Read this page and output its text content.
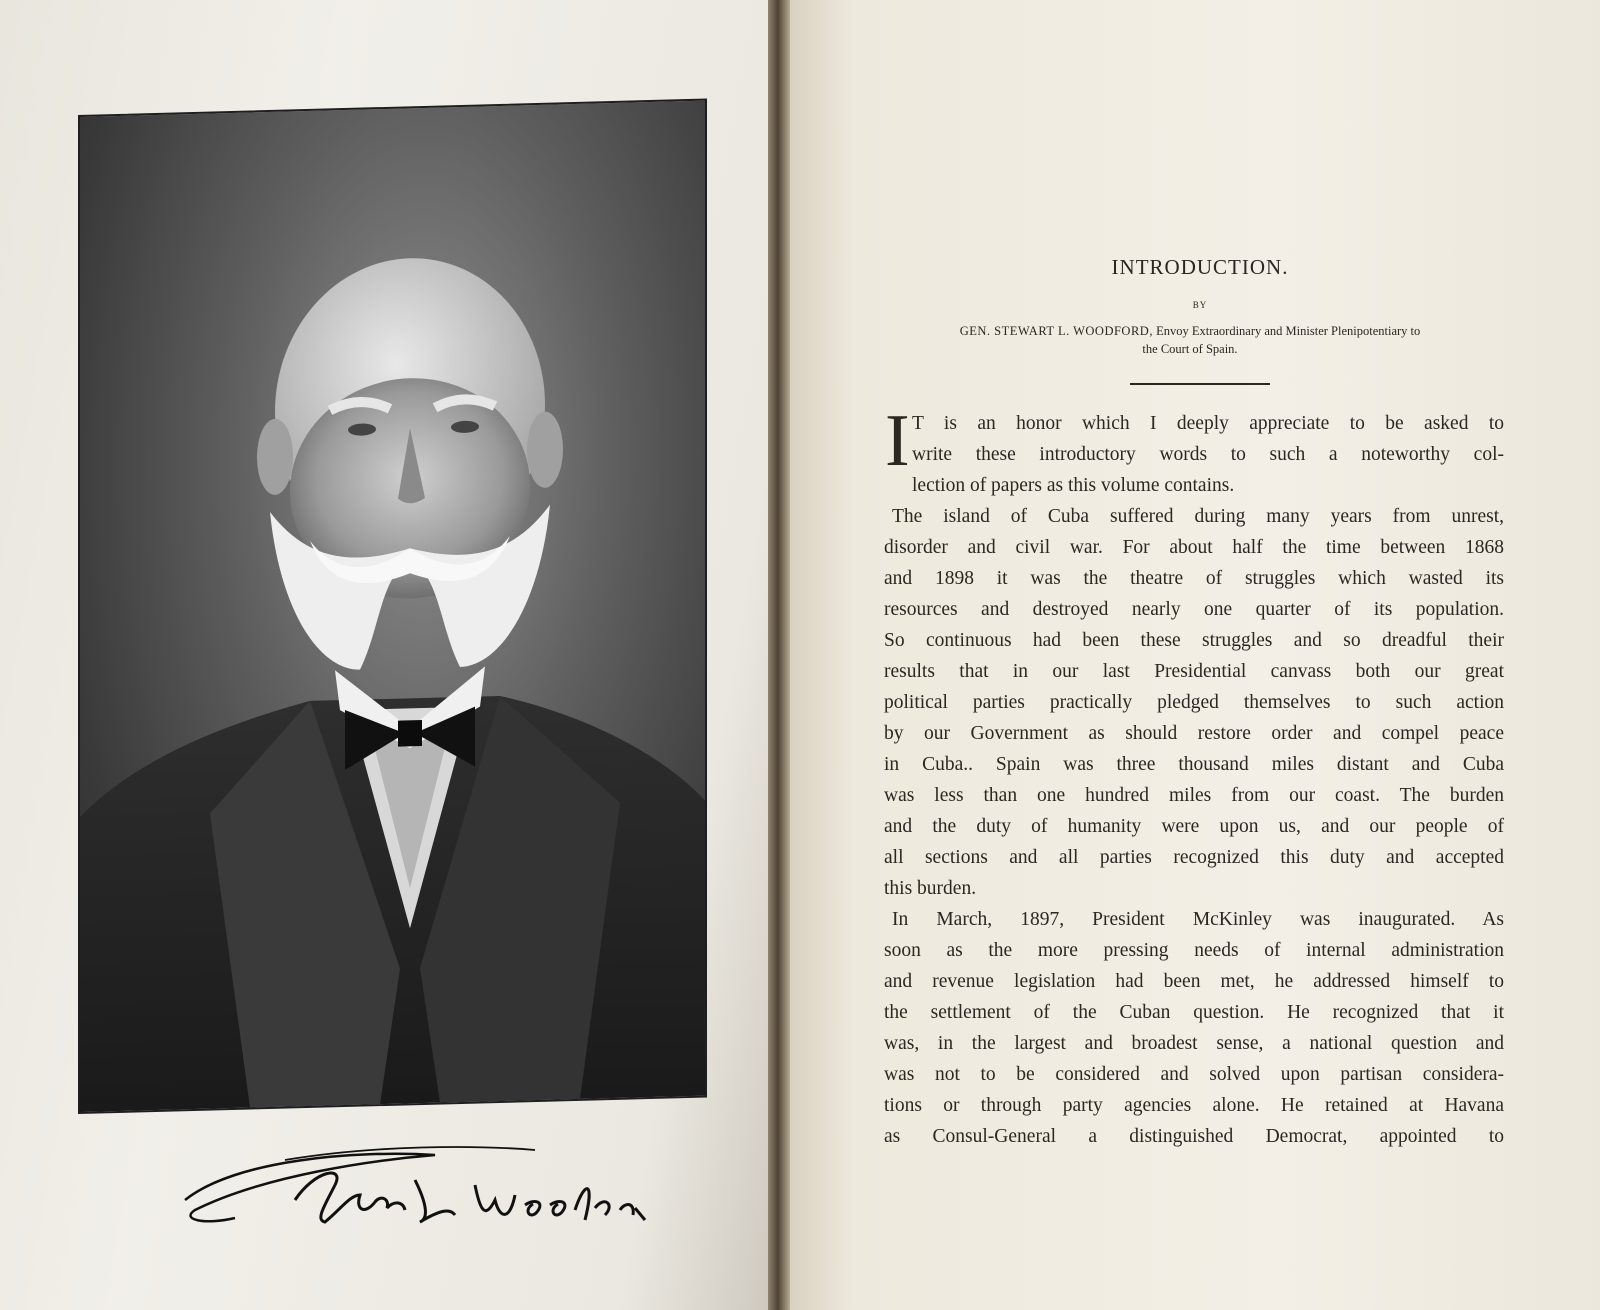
INTRODUCTION.
BY
GEN. STEWART L. WOODFORD, Envoy Extraordinary and Minister Plenipotentiary to
the Court of Spain.
I T is an honor which I deeply appreciate to be asked to
write these introductory words to such a noteworthy col-
lection of papers as this volume contains.
The island of Cuba suffered during many years from unrest,
disorder and civil war. For about half the time between 1868
and 1898 it was the theatre of struggles which wasted its
resources and destroyed nearly one quarter of its population.
So continuous had been these struggles and so dreadful their
results that in our last Presidential canvass both our great
political parties practically pledged themselves to such action
by our Government as should restore order and compel peace
in Cuba.. Spain was three thousand miles distant and Cuba
was less than one hundred miles from our coast. The burden
and the duty of humanity were upon us, and our people of
all sections and all parties recognized this duty and accepted
this burden.
In March, 1897, President McKinley was inaugurated. As
soon as the more pressing needs of internal administration
and revenue legislation had been met, he addressed himself to
the settlement of the Cuban question. He recognized that it
was, in the largest and broadest sense, a national question and
was not to be considered and solved upon partisan considera-
tions or through party agencies alone. He retained at Havana
as Consul-General a distinguished Democrat, appointed to
